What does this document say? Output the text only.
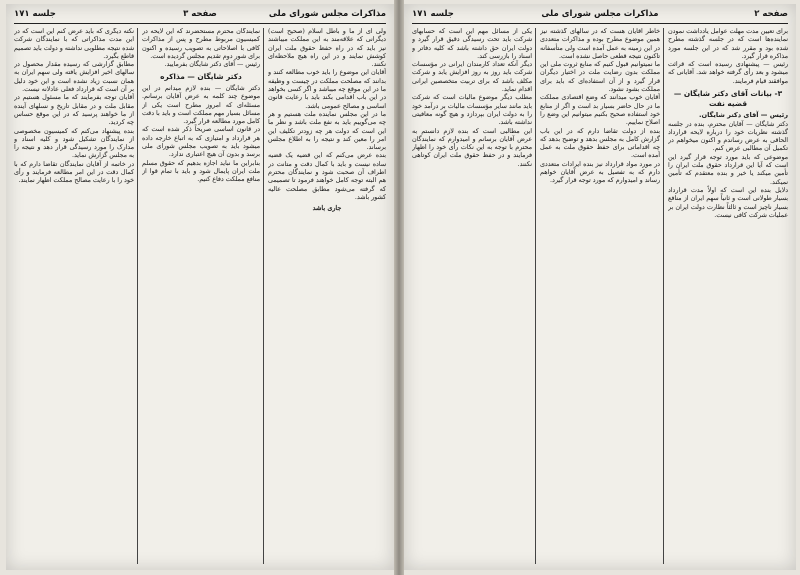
مذاکرات مجلس شورای ملی
صفحه ۳
جلسه ۱۷۱

ولی ای از ما و باطل اسلام (صحیح است) دیگرانی که علاقه‌مند به این مملکت میباشند نیز باید که در راه حفظ حقوق ملت ایران کوشش نمایند و در این راه هیچ ملاحظه‌ای نکنند.

آقایان این موضوع را باید خوب مطالعه کنند و بدانند که مصلحت مملکت در چیست و وظیفه ما در این موقع چه میباشد و اگر کسی بخواهد در این باب اقدامی بکند باید با رعایت قانون اساسی و مصالح عمومی باشد.

ما در این مجلس نماینده ملت هستیم و هر چه می‌گوییم باید به نفع ملت باشد و نظر ما این است که دولت هر چه زودتر تکلیف این امر را معین کند و نتیجه را به اطلاع مجلس برساند.

بنده عرض می‌کنم که این قضیه یک قضیه ساده نیست و باید با کمال دقت و متانت در اطراف آن صحبت شود و نمایندگان محترم هم البته توجه کامل خواهند فرمود تا تصمیمی که گرفته می‌شود مطابق مصلحت عالیه کشور باشد.

جاری باشد

نمایندگان محترم مستحضرند که این لایحه در کمیسیون مربوط مطرح و پس از مذاکرات کافی با اصلاحاتی به تصویب رسیده و اکنون برای شور دوم تقدیم مجلس گردیده است.

رئیس — آقای دکتر شایگان بفرمایید.

دکتر شایگان — مذاکره

دکتر شایگان — بنده لازم میدانم در این موضوع چند کلمه به عرض آقایان برسانم. مسئله‌ای که امروز مطرح است یکی از مسائل بسیار مهم مملکت است و باید با دقت کامل مورد مطالعه قرار گیرد.

در قانون اساسی صریحاً ذکر شده است که هر قرارداد و امتیازی که به اتباع خارجه داده میشود باید به تصویب مجلس شورای ملی برسد و بدون آن هیچ اعتباری ندارد.

بنابراین ما نباید اجازه بدهیم که حقوق مسلم ملت ایران پایمال شود و باید با تمام قوا از منافع مملکت دفاع کنیم.

نکته دیگری که باید عرض کنم این است که در این مدت مذاکراتی که با نمایندگان شرکت شده نتیجه مطلوبی نداشته و دولت باید تصمیم قاطع بگیرد.

مطابق گزارشی که رسیده مقدار محصول در سالهای اخیر افزایش یافته ولی سهم ایران به همان نسبت زیاد نشده است و این خود دلیل بر آن است که قرارداد فعلی عادلانه نیست.

آقایان توجه بفرمایند که ما مسئول هستیم در مقابل ملت و در مقابل تاریخ و نسلهای آینده از ما خواهند پرسید که در این موقع حساس چه کردید.

بنده پیشنهاد می‌کنم که کمیسیون مخصوصی از نمایندگان تشکیل شود و کلیه اسناد و مدارک را مورد رسیدگی قرار دهد و نتیجه را به مجلس گزارش نماید.

در خاتمه از آقایان نمایندگان تقاضا دارم که با کمال دقت در این امر مطالعه فرمایند و رأی خود را با رعایت مصالح مملکت اظهار نمایند.

صفحه ۲
مذاکرات مجلس شورای ملی
جلسه ۱۷۱

برای تعیین مدت مهلت عوامل یادداشت نمودن نماینده‌ها است که در جلسه گذشته مطرح شده بود و مقرر شد که در این جلسه مورد مذاکره قرار گیرد.

رئیس — پیشنهادی رسیده است که قرائت میشود و بعد رأی گرفته خواهد شد. آقایانی که موافقند قیام فرمایند.

۳- بیانات آقای دکتر شایگان — قضیه نفت

رئیس — آقای دکتر شایگان.

دکتر شایگان — آقایان محترم، بنده در جلسه گذشته نظریات خود را درباره لایحه قرارداد الحاقی به عرض رساندم و اکنون میخواهم در تکمیل آن مطالبی عرض کنم.

موضوعی که باید مورد توجه قرار گیرد این است که آیا این قرارداد حقوق ملت ایران را تأمین میکند یا خیر و بنده معتقدم که تأمین نمیکند.

دلایل بنده این است که اولاً مدت قرارداد بسیار طولانی است و ثانیاً سهم ایران از منافع بسیار ناچیز است و ثالثاً نظارت دولت ایران بر عملیات شرکت کافی نیست.

خاطر آقایان هست که در سالهای گذشته نیز همین موضوع مطرح بوده و مذاکرات متعددی در این زمینه به عمل آمده است ولی متأسفانه تاکنون نتیجه قطعی حاصل نشده است.

ما نمیتوانیم قبول کنیم که منابع ثروت ملی این مملکت بدون رضایت ملت در اختیار دیگران قرار گیرد و از آن استفاده‌ای که باید برای مملکت بشود نشود.

آقایان خوب میدانند که وضع اقتصادی مملکت ما در حال حاضر بسیار بد است و اگر از منابع خود استفاده صحیح بکنیم میتوانیم این وضع را اصلاح نماییم.

بنده از دولت تقاضا دارم که در این باب گزارش کامل به مجلس بدهد و توضیح بدهد که چه اقداماتی برای حفظ حقوق ملت به عمل آمده است.

در مورد مواد قرارداد نیز بنده ایرادات متعددی دارم که به تفصیل به عرض آقایان خواهم رساند و امیدوارم که مورد توجه قرار گیرد.

یکی از مسائل مهم این است که حسابهای شرکت باید تحت رسیدگی دقیق قرار گیرد و دولت ایران حق داشته باشد که کلیه دفاتر و اسناد را بازرسی کند.

دیگر آنکه تعداد کارمندان ایرانی در مؤسسات شرکت باید روز به روز افزایش یابد و شرکت مکلف باشد که برای تربیت متخصصین ایرانی اقدام نماید.

مطلب دیگر موضوع مالیات است که شرکت باید مانند سایر مؤسسات مالیات بر درآمد خود را به دولت ایران بپردازد و هیچ گونه معافیتی نداشته باشد.

این مطالبی است که بنده لازم دانستم به عرض آقایان برسانم و امیدوارم که نمایندگان محترم با توجه به این نکات رأی خود را اظهار فرمایند و در حفظ حقوق ملت ایران کوتاهی نکنند.
